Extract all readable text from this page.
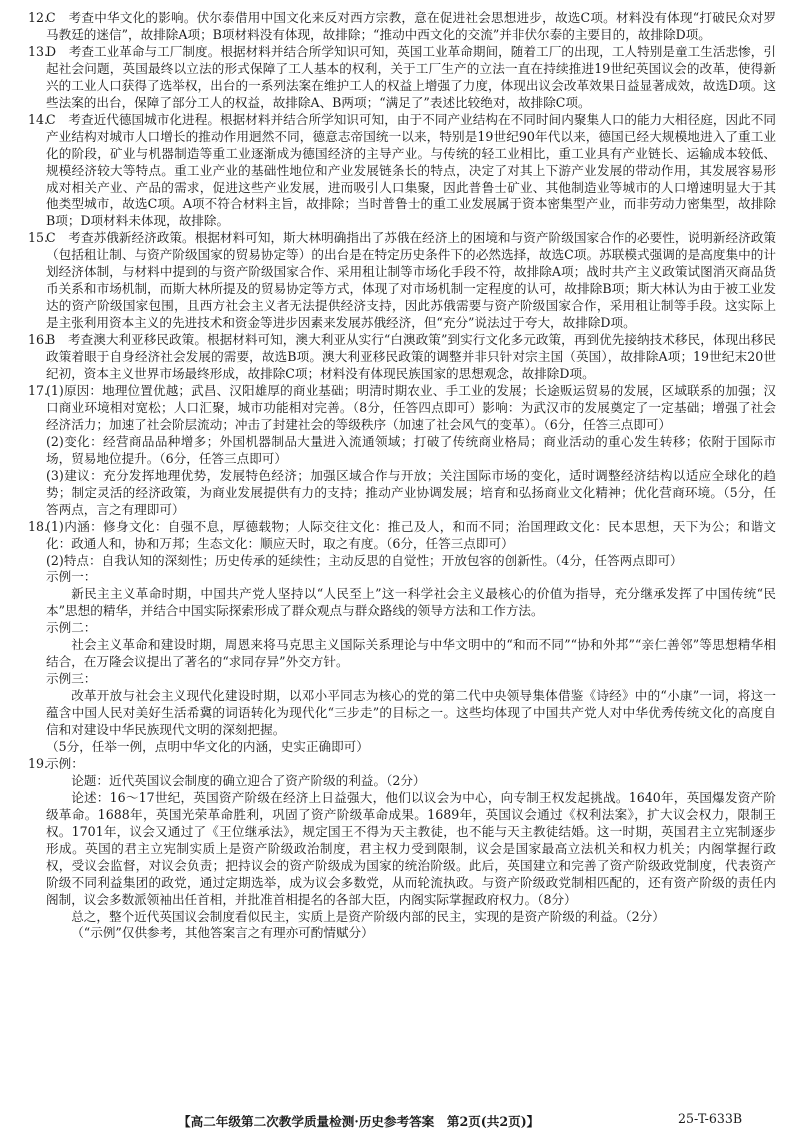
12.
C　考查中华文化的影响。伏尔泰借用中国文化来反对西方宗教，意在促进社会思想进步，故选C项。材料没有体现“打破民众对罗马教廷的迷信”，故排除A项；B项材料没有体现，故排除；“推动中西文化的交流”并非伏尔泰的主要目的，故排除D项。
13.
D　考查工业革命与工厂制度。根据材料并结合所学知识可知，英国工业革命期间，随着工厂的出现，工人特别是童工生活悲惨，引起社会问题，英国最终以立法的形式保障了工人基本的权利，关于工厂生产的立法一直在持续推进19世纪英国议会的改革，使得新兴的工业人口获得了选举权，出台的一系列法案在维护工人的权益上增强了力度，体现出议会改革效果日益显著成效，故选D项。这些法案的出台，保障了部分工人的权益，故排除A、B两项；“满足了”表述比较绝对，故排除C项。
14.
C　考查近代德国城市化进程。根据材料并结合所学知识可知，由于不同产业结构在不同时间内聚集人口的能力大相径庭，因此不同产业结构对城市人口增长的推动作用迥然不同，德意志帝国统一以来，特别是19世纪90年代以来，德国已经大规模地进入了重工业化的阶段，矿业与机器制造等重工业逐渐成为德国经济的主导产业。与传统的轻工业相比，重工业具有产业链长、运输成本较低、规模经济较大等特点。重工业产业的基础性地位和产业发展链条长的特点，决定了对其上下游产业发展的带动作用，其发展容易形成对相关产业、产品的需求，促进这些产业发展，进而吸引人口集聚，因此普鲁士矿业、其他制造业等城市的人口增速明显大于其他类型城市，故选C项。A项不符合材料主旨，故排除；当时普鲁士的重工业发展属于资本密集型产业，而非劳动力密集型，故排除B项；D项材料未体现，故排除。
15.
C　考查苏俄新经济政策。根据材料可知，斯大林明确指出了苏俄在经济上的困境和与资产阶级国家合作的必要性，说明新经济政策（包括租让制、与资产阶级国家的贸易协定等）的出台是在特定历史条件下的必然选择，故选C项。苏联模式强调的是高度集中的计划经济体制，与材料中提到的与资产阶级国家合作、采用租让制等市场化手段不符，故排除A项；战时共产主义政策试图消灭商品货币关系和市场机制，而斯大林所提及的贸易协定等方式，体现了对市场机制一定程度的认可，故排除B项；斯大林认为由于被工业发达的资产阶级国家包围，且西方社会主义者无法提供经济支持，因此苏俄需要与资产阶级国家合作，采用租让制等手段。这实际上是主张利用资本主义的先进技术和资金等进步因素来发展苏俄经济，但“充分”说法过于夸大，故排除D项。
16.
B　考查澳大利亚移民政策。根据材料可知，澳大利亚从实行“白澳政策”到实行文化多元政策，再到优先接纳技术移民，体现出移民政策着眼于自身经济社会发展的需要，故选B项。澳大利亚移民政策的调整并非只针对宗主国（英国），故排除A项；19世纪末20世纪初，资本主义世界市场最终形成，故排除C项；材料没有体现民族国家的思想观念，故排除D项。
17.
(1)原因：地理位置优越；武昌、汉阳雄厚的商业基础；明清时期农业、手工业的发展；长途贩运贸易的发展，区域联系的加强；汉口商业环境相对宽松；人口汇聚，城市功能相对完善。（8分，任答四点即可）影响：为武汉市的发展奠定了一定基础；增强了社会经济活力；加速了社会阶层流动；冲击了封建社会的等级秩序（加速了社会风气的变革）。（6分，任答三点即可）
(2)变化：经营商品品种增多；外国机器制品大量进入流通领域；打破了传统商业格局；商业活动的重心发生转移；依附于国际市场，贸易地位提升。（6分，任答三点即可）
(3)建议：充分发挥地理优势，发展特色经济；加强区域合作与开放；关注国际市场的变化，适时调整经济结构以适应全球化的趋势；制定灵活的经济政策，为商业发展提供有力的支持；推动产业协调发展；培育和弘扬商业文化精神；优化营商环境。（5分，任答两点，言之有理即可）
18.
(1)内涵：修身文化：自强不息，厚德载物；人际交往文化：推己及人，和而不同；治国理政文化：民本思想，天下为公；和谐文化：政通人和，协和万邦；生态文化：顺应天时，取之有度。（6分，任答三点即可）
(2)特点：自我认知的深刻性；历史传承的延续性；主动反思的自觉性；开放包容的创新性。（4分，任答两点即可）
示例一：
新民主主义革命时期，中国共产党人坚持以“人民至上”这一科学社会主义最核心的价值为指导，充分继承发挥了中国传统“民本”思想的精华，并结合中国实际探索形成了群众观点与群众路线的领导方法和工作方法。
示例二：
社会主义革命和建设时期，周恩来将马克思主义国际关系理论与中华文明中的“和而不同”“协和外邦”“亲仁善邻”等思想精华相结合，在万隆会议提出了著名的“求同存异”外交方针。
示例三：
改革开放与社会主义现代化建设时期，以邓小平同志为核心的党的第二代中央领导集体借鉴《诗经》中的“小康”一词，将这一蕴含中国人民对美好生活希冀的词语转化为现代化“三步走”的目标之一。这些均体现了中国共产党人对中华优秀传统文化的高度自信和对建设中华民族现代文明的深刻把握。
（5分，任举一例，点明中华文化的内涵，史实正确即可）
19.
示例：
论题：近代英国议会制度的确立迎合了资产阶级的利益。（2分）
论述：16～17世纪，英国资产阶级在经济上日益强大，他们以议会为中心，向专制王权发起挑战。1640年，英国爆发资产阶级革命。1688年，英国光荣革命胜利，巩固了资产阶级革命成果。1689年，英国议会通过《权利法案》，扩大议会权力，限制王权。1701年，议会又通过了《王位继承法》，规定国王不得为天主教徒，也不能与天主教徒结婚。这一时期，英国君主立宪制逐步形成。英国的君主立宪制实质上是资产阶级政治制度，君主权力受到限制，议会是国家最高立法机关和权力机关；内阁掌握行政权，受议会监督，对议会负责；把持议会的资产阶级成为国家的统治阶级。此后，英国建立和完善了资产阶级政党制度，代表资产阶级不同利益集团的政党，通过定期选举，成为议会多数党，从而轮流执政。与资产阶级政党制相匹配的，还有资产阶级的责任内阁制，议会多数派领袖出任首相，并批准首相提名的各部大臣，内阁实际掌握政府权力。（8分）
总之，整个近代英国议会制度看似民主，实质上是资产阶级内部的民主，实现的是资产阶级的利益。（2分）
（“示例”仅供参考，其他答案言之有理亦可酌情赋分）
【高二年级第二次教学质量检测·历史参考答案　第2页(共2页)】	25-T-633B
